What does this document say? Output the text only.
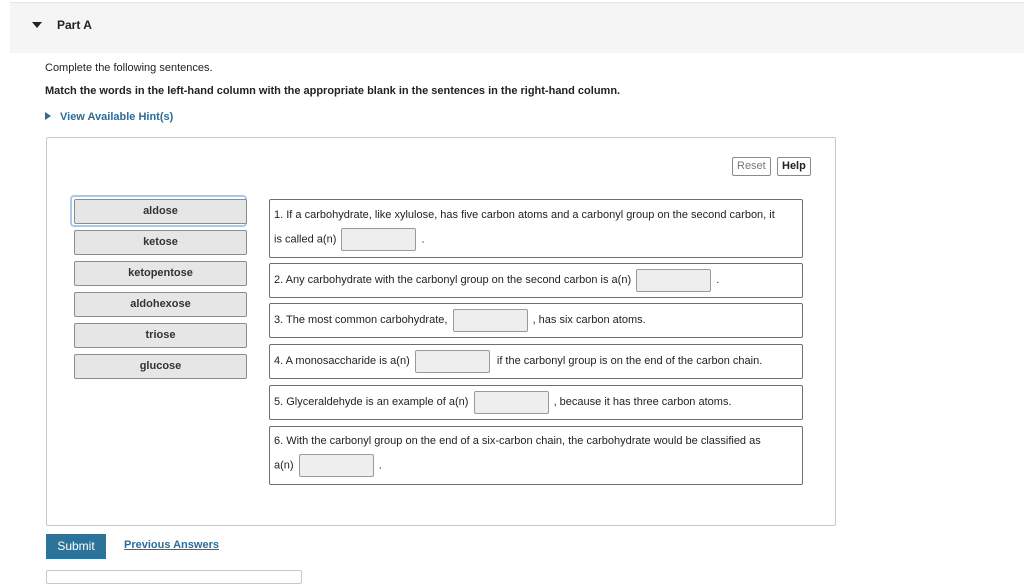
Part A
Complete the following sentences.
Match the words in the left-hand column with the appropriate blank in the sentences in the right-hand column.
View Available Hint(s)
Reset	Help
aldose
ketose
ketopentose
aldohexose
triose
glucose
1. If a carbohydrate, like xylulose, has five carbon atoms and a carbonyl group on the second carbon, it
is called a(n)	.
2. Any carbohydrate with the carbonyl group on the second carbon is a(n)	.
3. The most common carbohydrate,	, has six carbon atoms.
4. A monosaccharide is a(n)	if the carbonyl group is on the end of the carbon chain.
5. Glyceraldehyde is an example of a(n)	, because it has three carbon atoms.
6. With the carbonyl group on the end of a six-carbon chain, the carbohydrate would be classified as
a(n)	.
Submit	Previous Answers
